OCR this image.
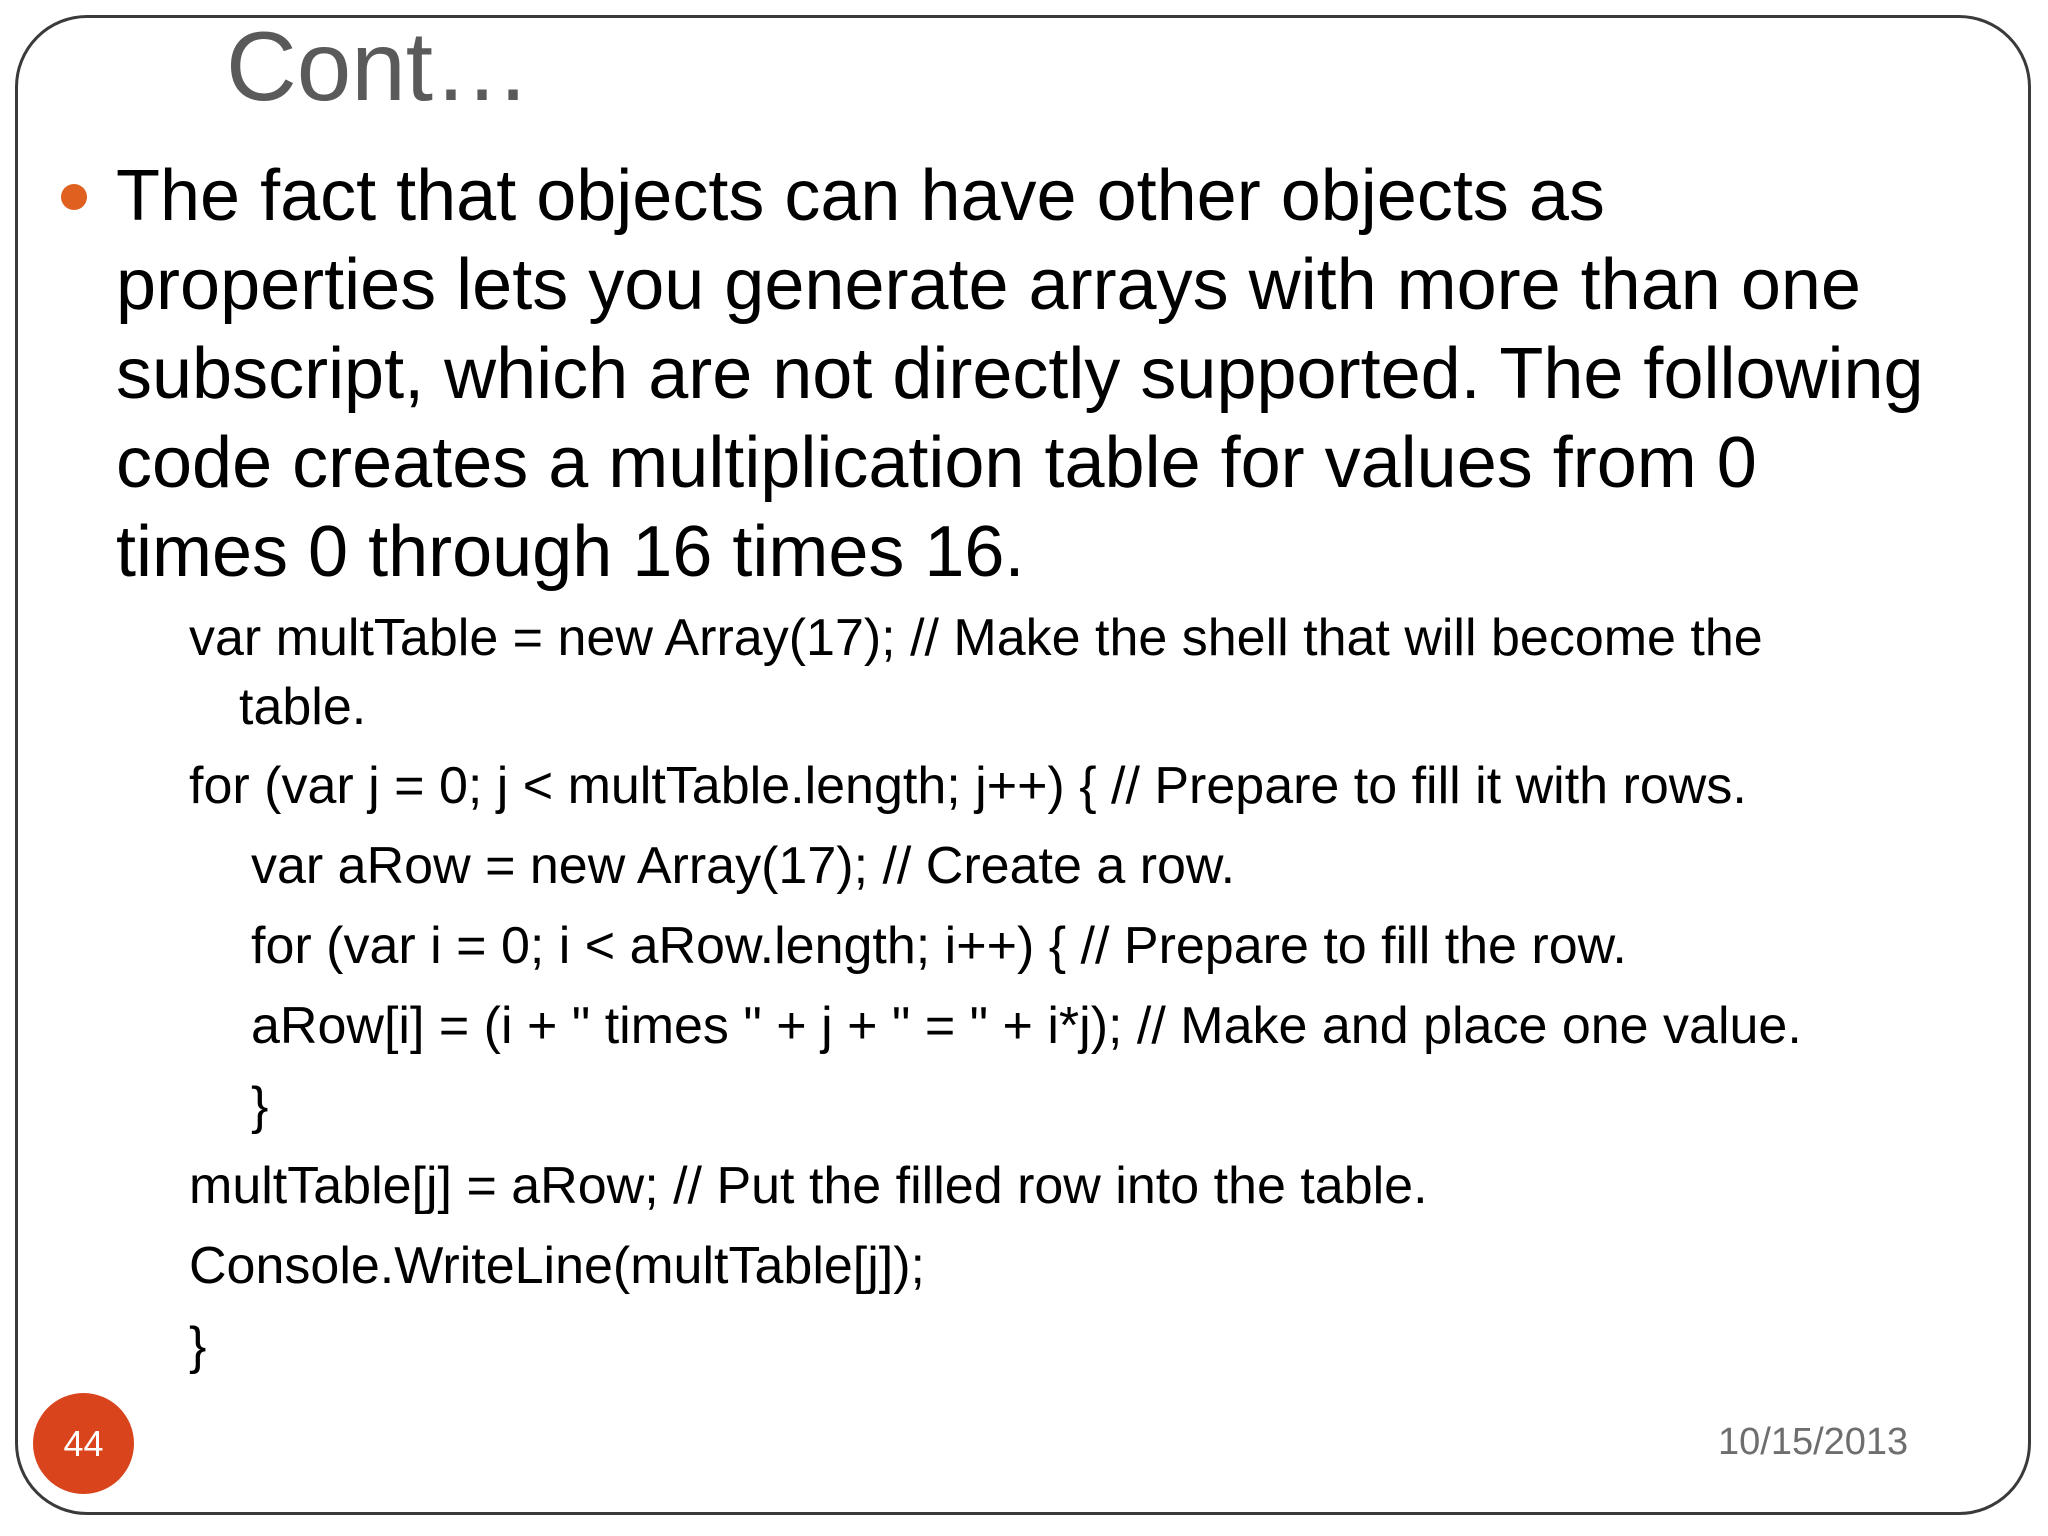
Cont…
The fact that objects can have other objects as
properties lets you generate arrays with more than one
subscript, which are not directly supported. The following
code creates a multiplication table for values from 0
times 0 through 16 times 16.
var multTable = new Array(17); // Make the shell that will become the
table.
for (var j = 0; j < multTable.length; j++) { // Prepare to fill it with rows.
var aRow = new Array(17); // Create a row.
for (var i = 0; i < aRow.length; i++) { // Prepare to fill the row.
aRow[i] = (i + " times " + j + " = " + i*j); // Make and place one value.
}
multTable[j] = aRow; // Put the filled row into the table.
Console.WriteLine(multTable[j]);
}
44	10/15/2013
